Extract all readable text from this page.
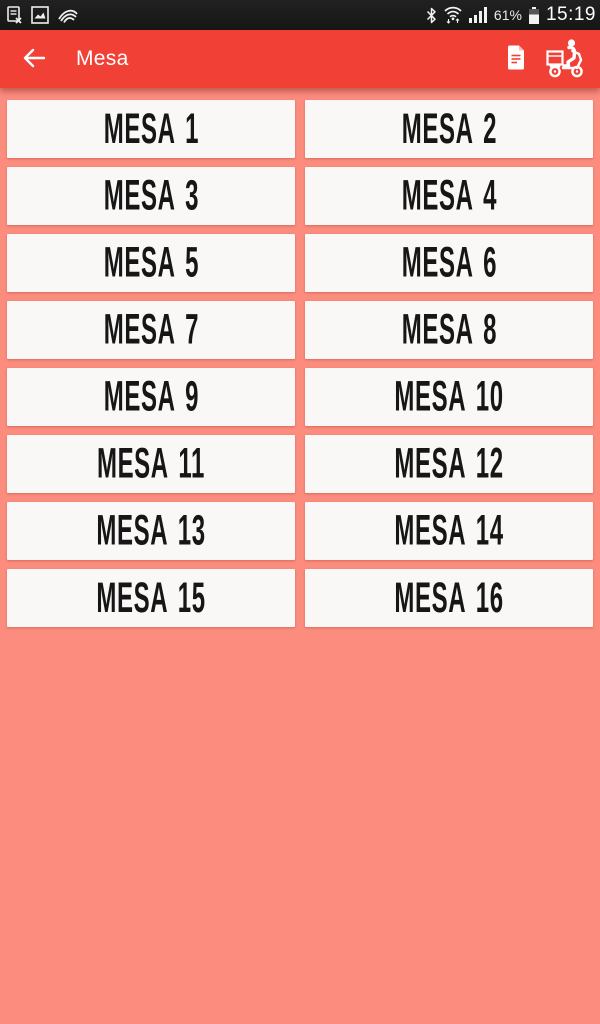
61% 15:19
Mesa
MESA 1	MESA 2
MESA 3	MESA 4
MESA 5	MESA 6
MESA 7	MESA 8
MESA 9	MESA 10
MESA 11	MESA 12
MESA 13	MESA 14
MESA 15	MESA 16
